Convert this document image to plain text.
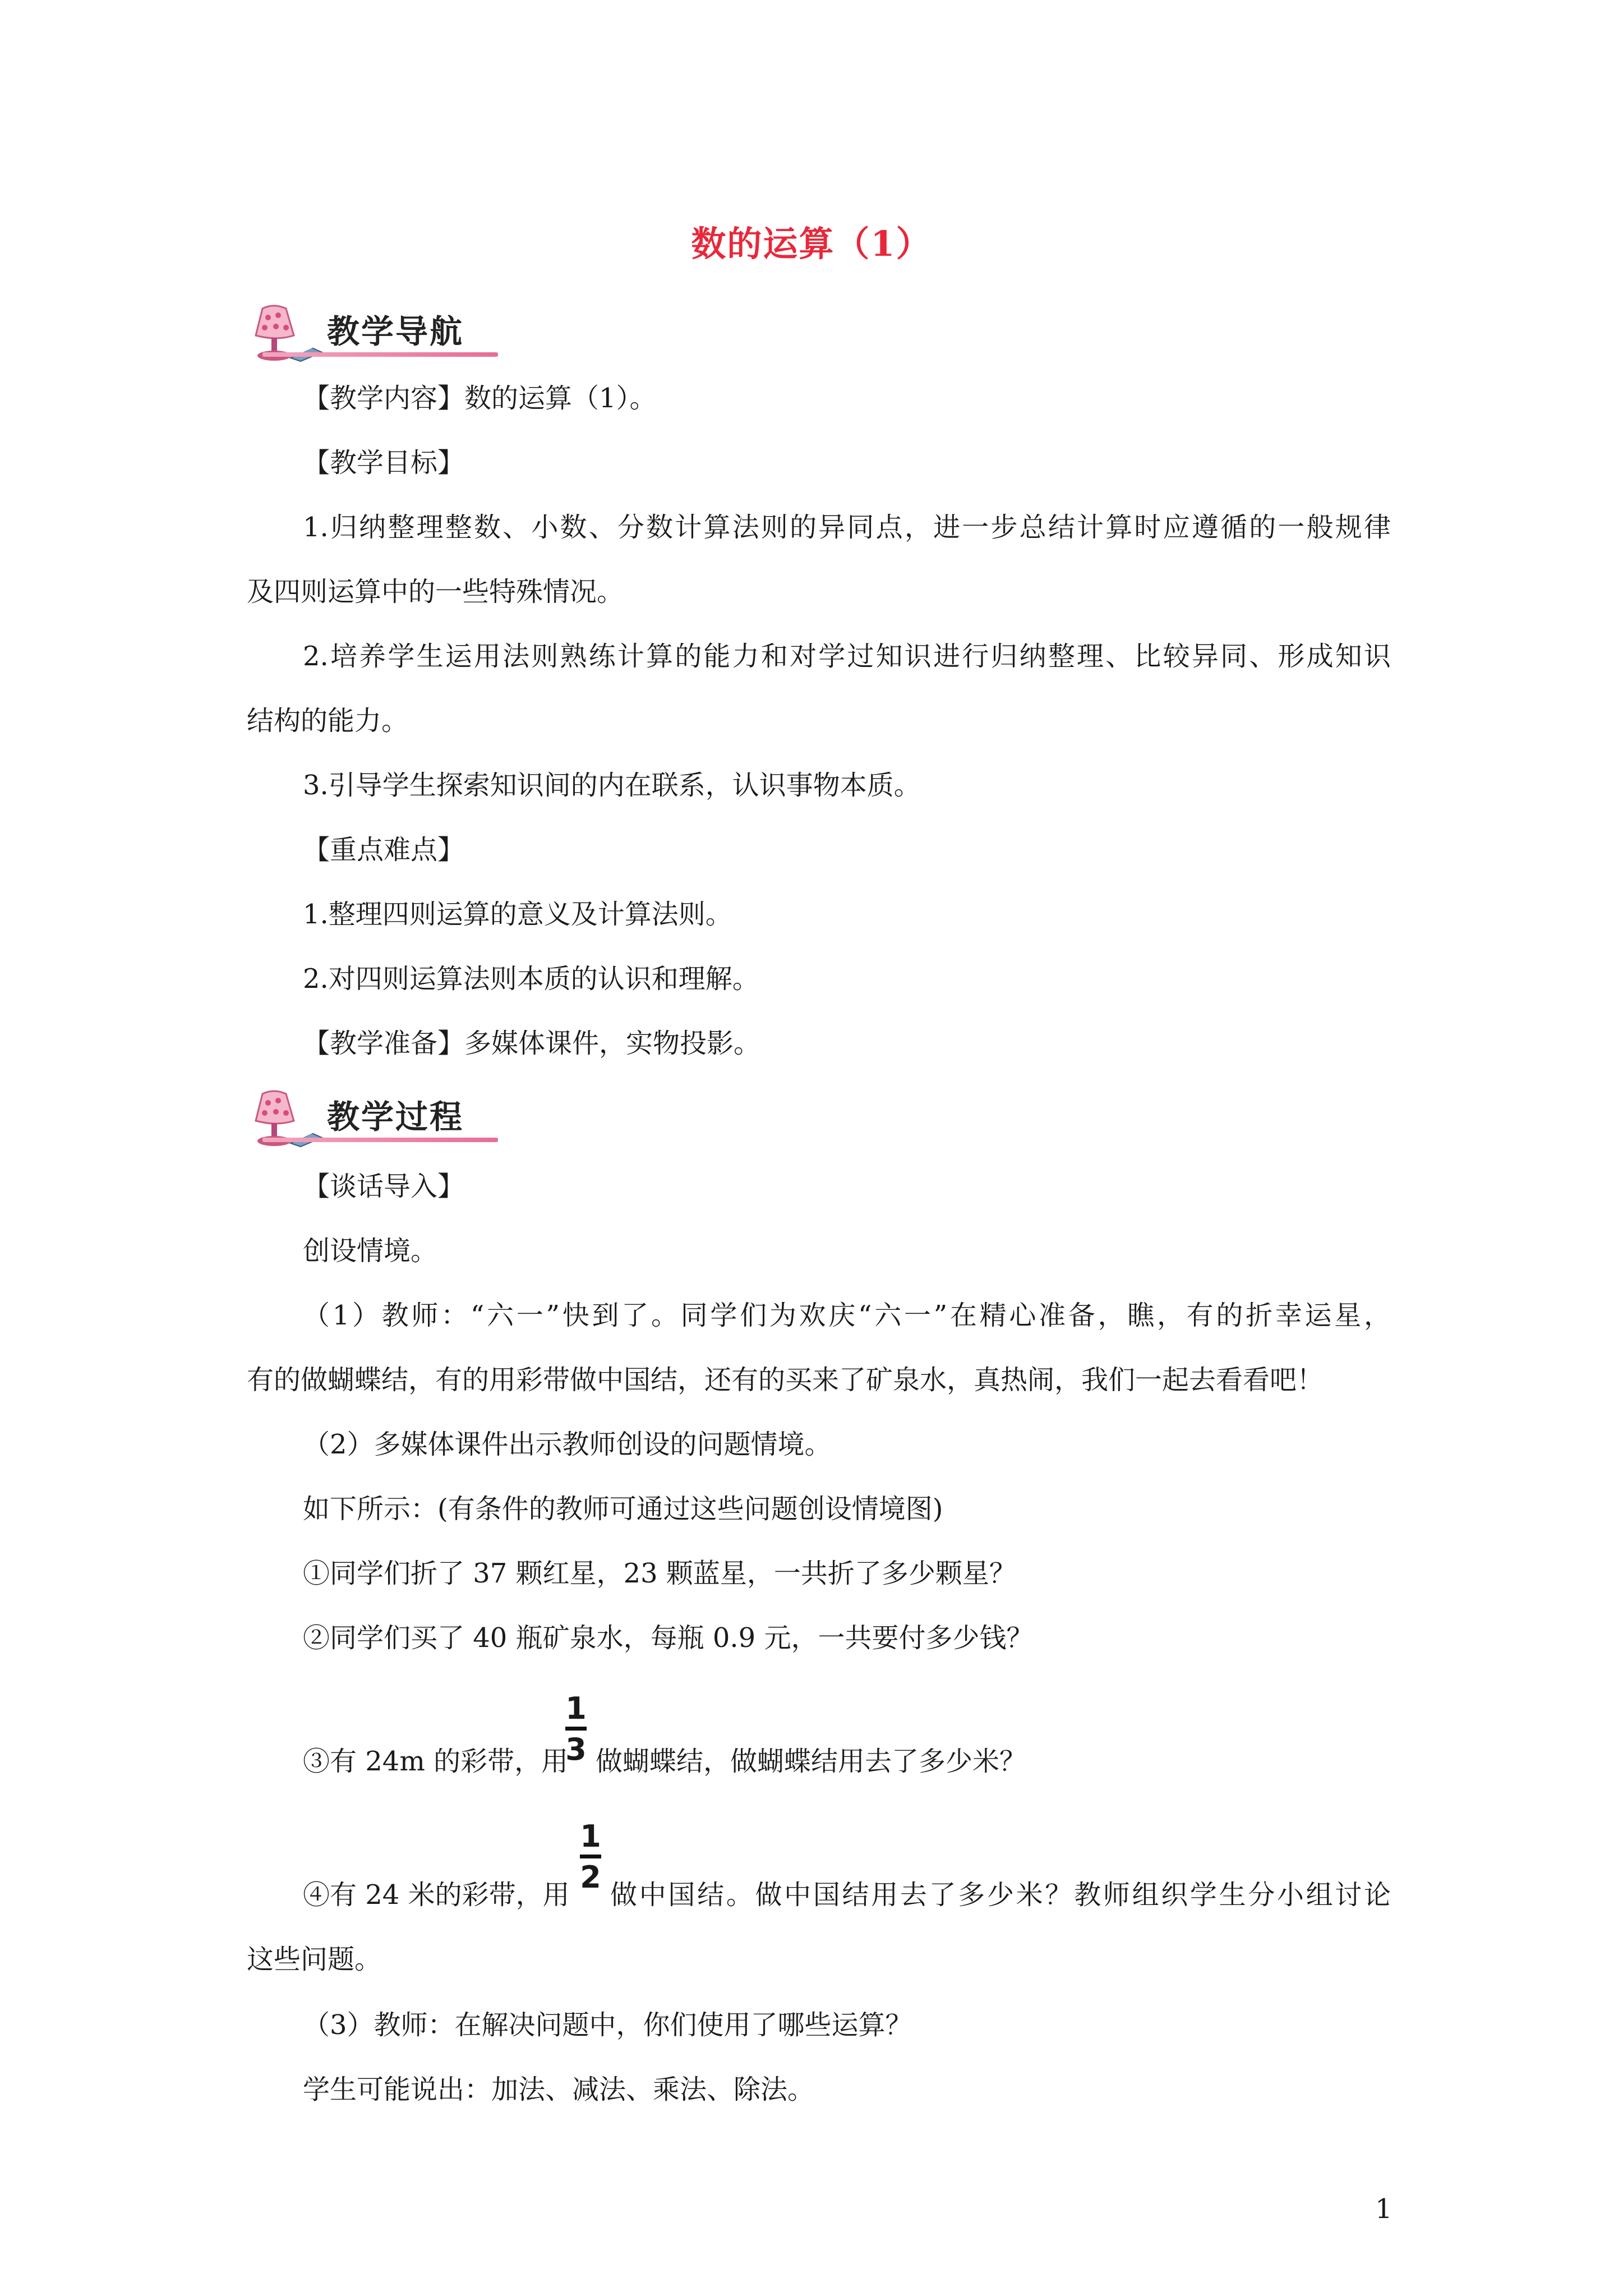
数的运算（1）
教学导航
【教学内容】数的运算（1）。
【教学目标】
1.归纳整理整数、小数、分数计算法则的异同点，进一步总结计算时应遵循的一般规律
及四则运算中的一些特殊情况。
2.培养学生运用法则熟练计算的能力和对学过知识进行归纳整理、比较异同、形成知识
结构的能力。
3.引导学生探索知识间的内在联系，认识事物本质。
【重点难点】
1.整理四则运算的意义及计算法则。
2.对四则运算法则本质的认识和理解。
【教学准备】多媒体课件，实物投影。
教学过程
【谈话导入】
创设情境。
（1）教师：“六一”快到了。同学们为欢庆“六一”在精心准备，瞧，有的折幸运星，
有的做蝴蝶结，有的用彩带做中国结，还有的买来了矿泉水，真热闹，我们一起去看看吧！
（2）多媒体课件出示教师创设的问题情境。
如下所示：(有条件的教师可通过这些问题创设情境图)
①同学们折了 37 颗红星，23 颗蓝星，一共折了多少颗星？
②同学们买了 40 瓶矿泉水，每瓶 0.9 元，一共要付多少钱？
③有 24m 的彩带，用
1
3 做蝴蝶结，做蝴蝶结用去了多少米？
④有 24 米的彩带，用
1
2 做中国结。做中国结用去了多少米？教师组织学生分小组讨论
这些问题。
（3）教师：在解决问题中，你们使用了哪些运算？
学生可能说出：加法、减法、乘法、除法。
1
